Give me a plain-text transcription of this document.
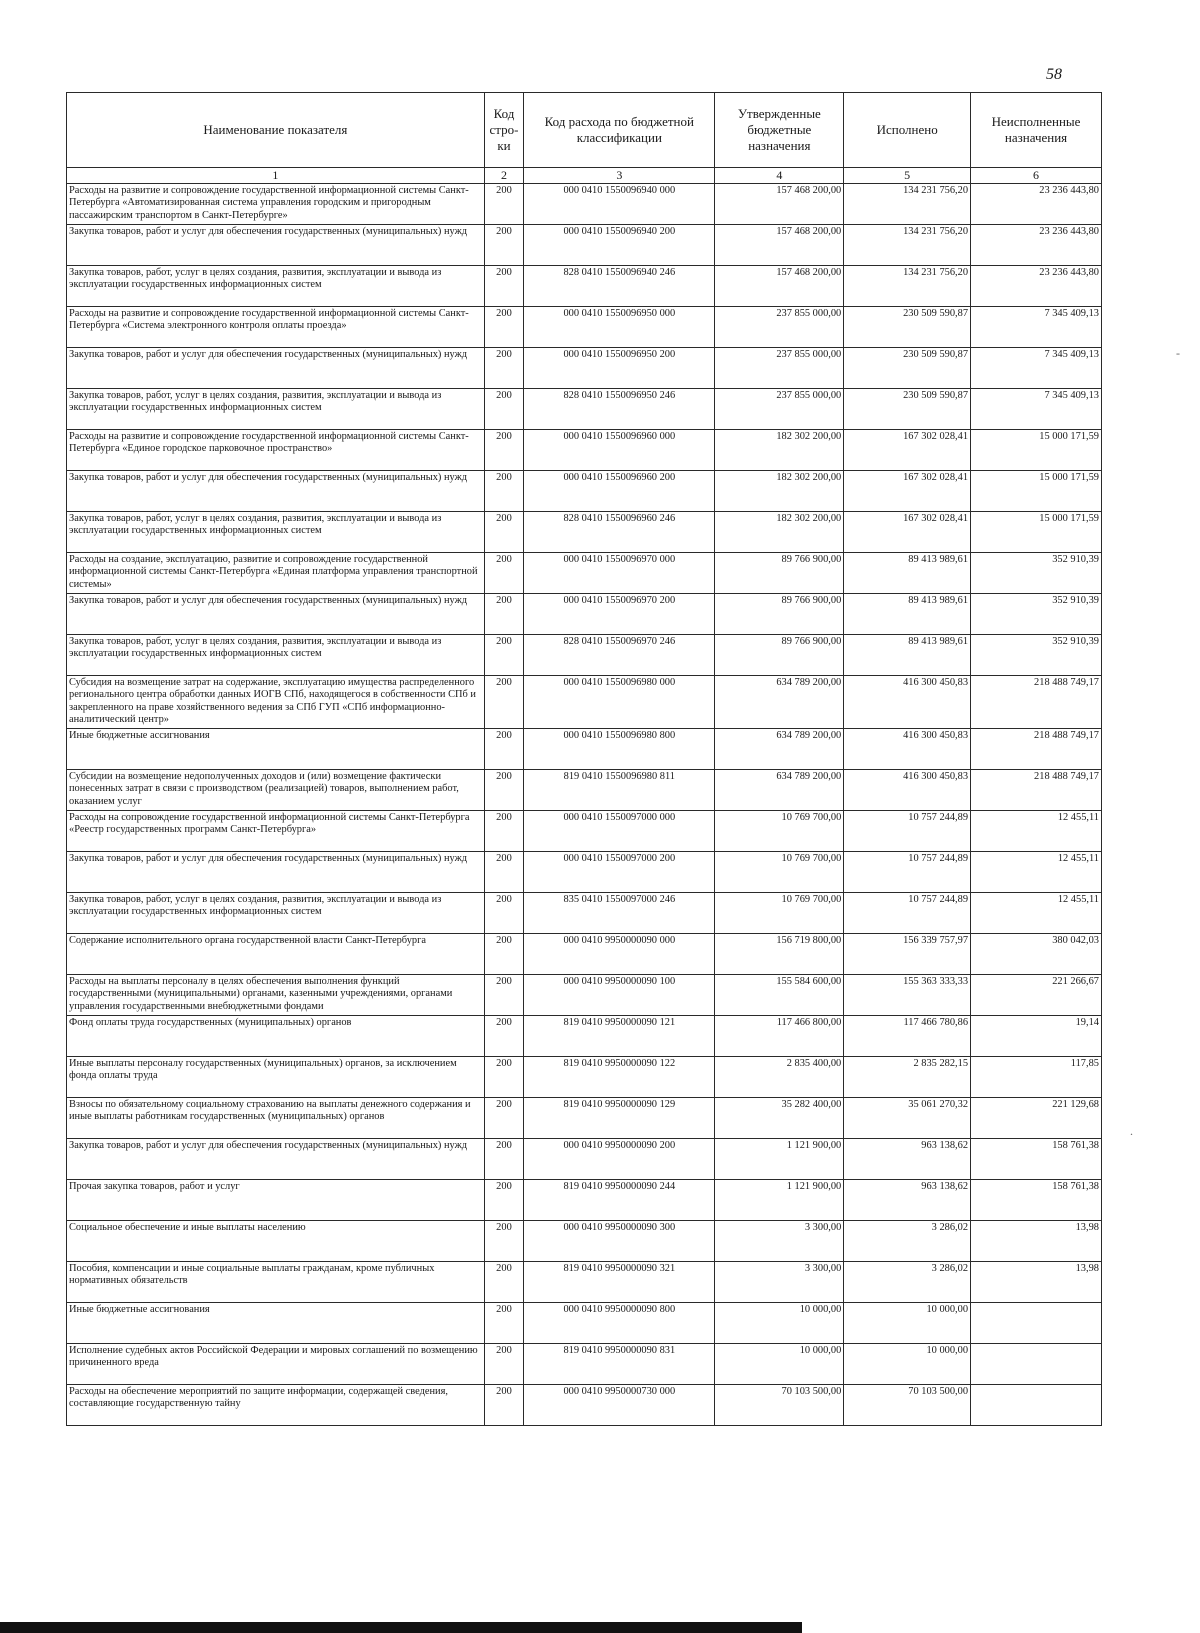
58
Наименование показателя	Код стро-ки	Код расхода по бюджетной классификации	Утвержденные бюджетные назначения	Исполнено	Неисполненные назначения
1	2	3	4	5	6
Расходы на развитие и сопровождение государственной информационной системы Санкт-Петербурга «Автоматизированная система управления городским и пригородным пассажирским транспортом в Санкт-Петербурге»	200	000 0410 1550096940 000	157 468 200,00	134 231 756,20	23 236 443,80
Закупка товаров, работ и услуг для обеспечения государственных (муниципальных) нужд	200	000 0410 1550096940 200	157 468 200,00	134 231 756,20	23 236 443,80
Закупка товаров, работ, услуг в целях создания, развития, эксплуатации и вывода из эксплуатации государственных информационных систем	200	828 0410 1550096940 246	157 468 200,00	134 231 756,20	23 236 443,80
Расходы на развитие и сопровождение государственной информационной системы Санкт-Петербурга «Система электронного контроля оплаты проезда»	200	000 0410 1550096950 000	237 855 000,00	230 509 590,87	7 345 409,13
Закупка товаров, работ и услуг для обеспечения государственных (муниципальных) нужд	200	000 0410 1550096950 200	237 855 000,00	230 509 590,87	7 345 409,13
Закупка товаров, работ, услуг в целях создания, развития, эксплуатации и вывода из эксплуатации государственных информационных систем	200	828 0410 1550096950 246	237 855 000,00	230 509 590,87	7 345 409,13
Расходы на развитие и сопровождение государственной информационной системы Санкт-Петербурга «Единое городское парковочное пространство»	200	000 0410 1550096960 000	182 302 200,00	167 302 028,41	15 000 171,59
Закупка товаров, работ и услуг для обеспечения государственных (муниципальных) нужд	200	000 0410 1550096960 200	182 302 200,00	167 302 028,41	15 000 171,59
Закупка товаров, работ, услуг в целях создания, развития, эксплуатации и вывода из эксплуатации государственных информационных систем	200	828 0410 1550096960 246	182 302 200,00	167 302 028,41	15 000 171,59
Расходы на создание, эксплуатацию, развитие и сопровождение государственной информационной системы Санкт-Петербурга «Единая платформа управления транспортной системы»	200	000 0410 1550096970 000	89 766 900,00	89 413 989,61	352 910,39
Закупка товаров, работ и услуг для обеспечения государственных (муниципальных) нужд	200	000 0410 1550096970 200	89 766 900,00	89 413 989,61	352 910,39
Закупка товаров, работ, услуг в целях создания, развития, эксплуатации и вывода из эксплуатации государственных информационных систем	200	828 0410 1550096970 246	89 766 900,00	89 413 989,61	352 910,39
Субсидия на возмещение затрат на содержание, эксплуатацию имущества распределенного регионального центра обработки данных ИОГВ СПб, находящегося в собственности СПб и закрепленного на праве хозяйственного ведения за СПб ГУП «СПб информационно-аналитический центр»	200	000 0410 1550096980 000	634 789 200,00	416 300 450,83	218 488 749,17
Иные бюджетные ассигнования	200	000 0410 1550096980 800	634 789 200,00	416 300 450,83	218 488 749,17
Субсидии на возмещение недополученных доходов и (или) возмещение фактически понесенных затрат в связи с производством (реализацией) товаров, выполнением работ, оказанием услуг	200	819 0410 1550096980 811	634 789 200,00	416 300 450,83	218 488 749,17
Расходы на сопровождение государственной информационной системы Санкт-Петербурга «Реестр государственных программ Санкт-Петербурга»	200	000 0410 1550097000 000	10 769 700,00	10 757 244,89	12 455,11
Закупка товаров, работ и услуг для обеспечения государственных (муниципальных) нужд	200	000 0410 1550097000 200	10 769 700,00	10 757 244,89	12 455,11
Закупка товаров, работ, услуг в целях создания, развития, эксплуатации и вывода из эксплуатации государственных информационных систем	200	835 0410 1550097000 246	10 769 700,00	10 757 244,89	12 455,11
Содержание исполнительного органа государственной власти Санкт-Петербурга	200	000 0410 9950000090 000	156 719 800,00	156 339 757,97	380 042,03
Расходы на выплаты персоналу в целях обеспечения выполнения функций государственными (муниципальными) органами, казенными учреждениями, органами управления государственными внебюджетными фондами	200	000 0410 9950000090 100	155 584 600,00	155 363 333,33	221 266,67
Фонд оплаты труда государственных (муниципальных) органов	200	819 0410 9950000090 121	117 466 800,00	117 466 780,86	19,14
Иные выплаты персоналу государственных (муниципальных) органов, за исключением фонда оплаты труда	200	819 0410 9950000090 122	2 835 400,00	2 835 282,15	117,85
Взносы по обязательному социальному страхованию на выплаты денежного содержания и иные выплаты работникам государственных (муниципальных) органов	200	819 0410 9950000090 129	35 282 400,00	35 061 270,32	221 129,68
Закупка товаров, работ и услуг для обеспечения государственных (муниципальных) нужд	200	000 0410 9950000090 200	1 121 900,00	963 138,62	158 761,38
Прочая закупка товаров, работ и услуг	200	819 0410 9950000090 244	1 121 900,00	963 138,62	158 761,38
Социальное обеспечение и иные выплаты населению	200	000 0410 9950000090 300	3 300,00	3 286,02	13,98
Пособия, компенсации и иные социальные выплаты гражданам, кроме публичных нормативных обязательств	200	819 0410 9950000090 321	3 300,00	3 286,02	13,98
Иные бюджетные ассигнования	200	000 0410 9950000090 800	10 000,00	10 000,00	
Исполнение судебных актов Российской Федерации и мировых соглашений по возмещению причиненного вреда	200	819 0410 9950000090 831	10 000,00	10 000,00	
Расходы на обеспечение мероприятий по защите информации, содержащей сведения, составляющие государственную тайну	200	000 0410 9950000730 000	70 103 500,00	70 103 500,00	
-
.
